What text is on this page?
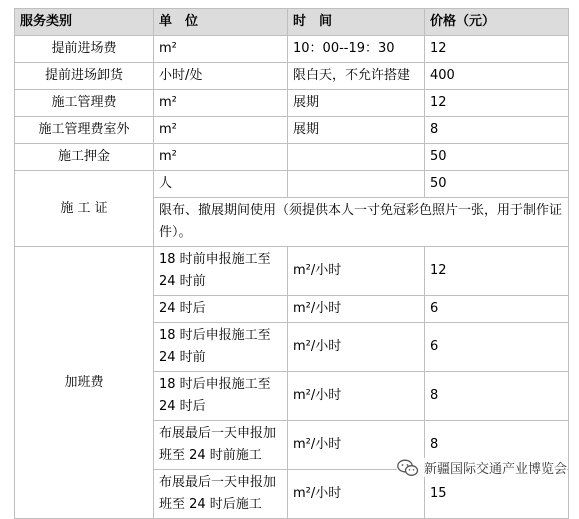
服务类别	单　位	时　间	价格（元）
提前进场费	m²	10：00--19：30	12
提前进场卸货	小时/处	限白天，不允许搭建	400
施工管理费	m²	展期	12
施工管理费室外	m²	展期	8
施工押金	m²		50
施 工 证	人		50
	限布、撤展期间使用（须提供本人一寸免冠彩色照片一张，用于制作证件）。		
加班费	18 时前申报施工至 24 时前	m²/小时	12
	24 时后	m²/小时	6
	18 时后申报施工至 24 时前	m²/小时	6
	18 时后申报施工至 24 时后	m²/小时	8
	布展最后一天申报加班至 24 时前施工	m²/小时	8
	布展最后一天申报加班至 24 时后施工	m²/小时	15
新疆国际交通产业博览会
